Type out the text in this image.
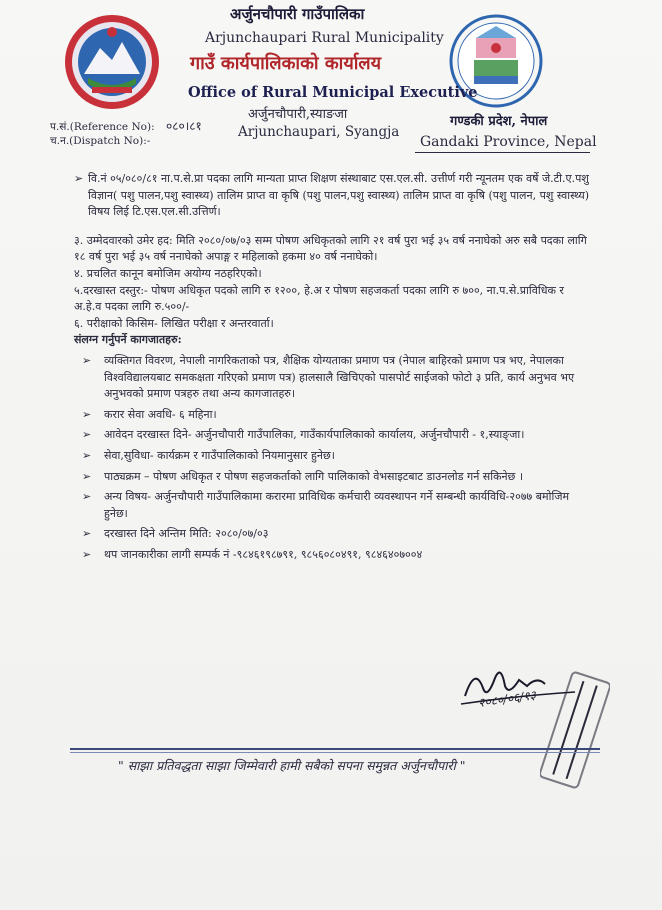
अर्जुनचौपारी गाउँपालिका
Arjunchaupari Rural Municipality
गाउँ कार्यपालिकाको कार्यालय
Office of Rural Municipal Executive
अर्जुनचौपारी,स्याङजा
Arjunchaupari, Syangja
गण्डकी प्रदेश, नेपाल
Gandaki Province, Nepal
प.सं.(Reference No): ०८०।८१
च.न.(Dispatch No):-

➢ वि.नं ०५/०८०/८१ ना.प.से.प्रा पदका लागि मान्यता प्राप्त शिक्षण संस्थाबाट एस.एल.सी. उत्तीर्ण गरी न्यूनतम एक वर्षे जे.टी.ए.पशु विज्ञान( पशु पालन,पशु स्वास्थ्य) तालिम प्राप्त वा कृषि (पशु पालन,पशु स्वास्थ्य) तालिम प्राप्त वा कृषि (पशु पालन, पशु स्वास्थ्य) विषय लिई टि.एस.एल.सी.उत्तिर्ण।

३. उम्मेदवारको उमेर हद: मिति २०८०/०७/०३ सम्म पोषण अधिकृतको लागि २१ वर्ष पुरा भई ३५ वर्ष ननाघेको अरु सबै पदका लागि १८ वर्ष पुरा भई ३५ वर्ष ननाघेको अपाङ्ग र महिलाको हकमा ४० वर्ष ननाघेको।

४. प्रचलित कानून बमोजिम अयोग्य नठहरिएको।

५.दरखास्त दस्तुर:- पोषण अधिकृत पदको लागि रु १२००, हे.अ र पोषण सहजकर्ता पदका लागि रु ७००, ना.प.से.प्राविधिक र अ.हे.व पदका लागि रु.५००/-

६. परीक्षाको किसिम- लिखित परीक्षा र अन्तरवार्ता।

संलग्न गर्नुपर्ने कागजातहरु:

➢ व्यक्तिगत विवरण, नेपाली नागरिकताको पत्र, शैक्षिक योग्यताका प्रमाण पत्र (नेपाल बाहिरको प्रमाण पत्र भए, नेपालका विश्वविद्यालयबाट समकक्षता गरिएको प्रमाण पत्र) हालसालै खिचिएको पासपोर्ट साईजको फोटो ३ प्रति, कार्य अनुभव भए अनुभवको प्रमाण पत्रहरु तथा अन्य कागजातहरु।

➢ करार सेवा अवधि- ६ महिना।

➢ आवेदन दरखास्त दिने- अर्जुनचौपारी गाउँपालिका, गाउँकार्यपालिकाको कार्यालय, अर्जुनचौपारी - १,स्याङ्जा।

➢ सेवा,सुविधा- कार्यक्रम र गाउँपालिकाको नियमानुसार हुनेछ।

➢ पाठ्यक्रम – पोषण अधिकृत र पोषण सहजकर्ताको लागि पालिकाको वेभसाइटबाट डाउनलोड गर्न सकिनेछ ।

➢ अन्य विषय- अर्जुनचौपारी गाउँपालिकामा करारमा प्राविधिक कर्मचारी व्यवस्थापन गर्ने सम्बन्धी कार्यविधि-२०७७ बमोजिम हुनेछ।

➢ दरखास्त दिने अन्तिम मिति: २०८०/०७/०३

➢ थप जानकारीका लागी सम्पर्क नं -९८४६१९८७९१, ९८५६०८०४९१, ९८४६४०७००४

२०८०/०६/१३
" साझा प्रतिवद्धता साझा जिम्मेवारी हामी सबैको सपना समुन्नत अर्जुनचौपारी "
